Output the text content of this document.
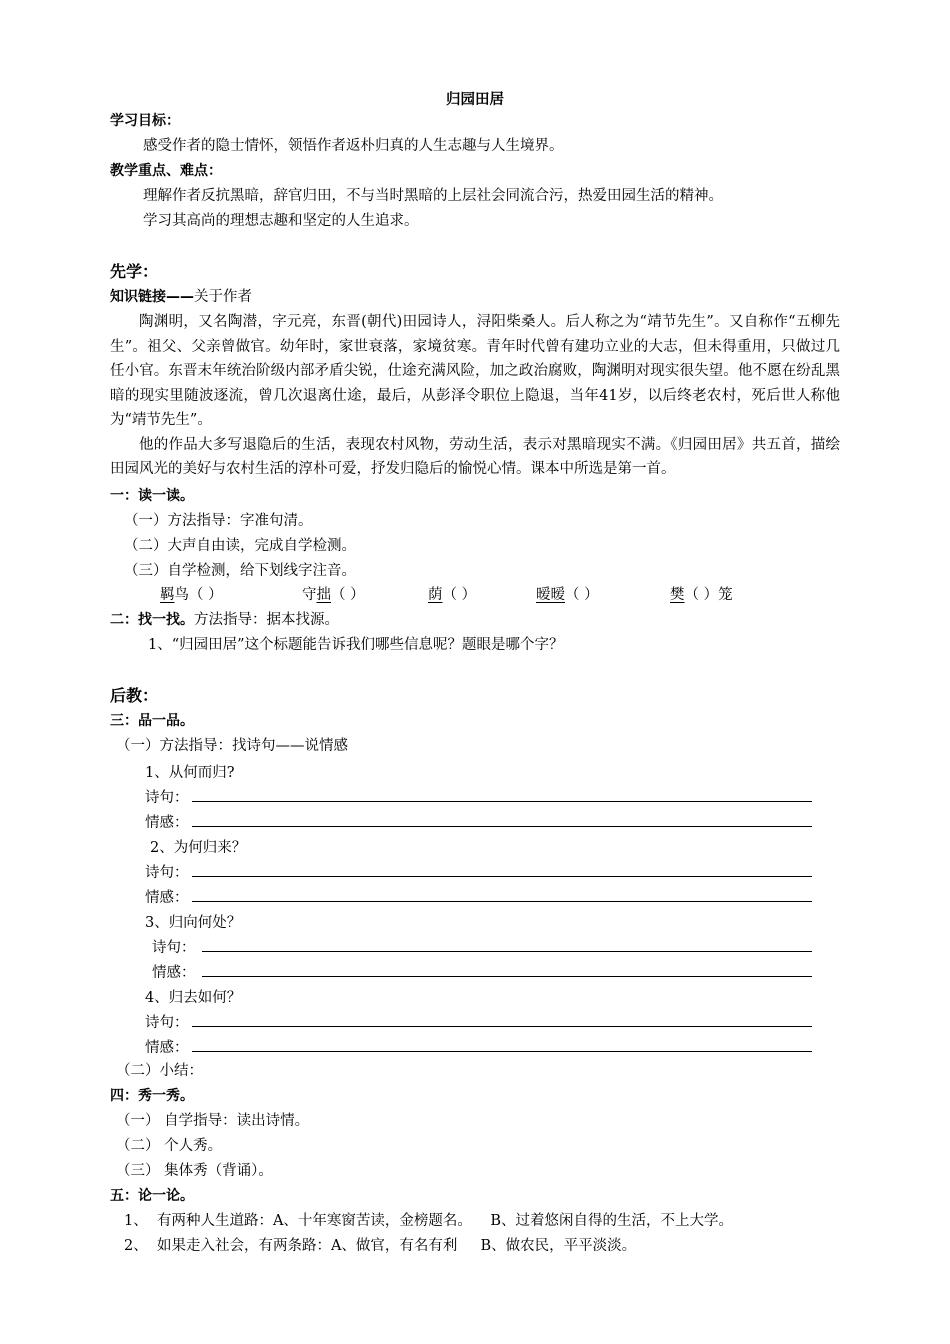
归园田居
学习目标：
感受作者的隐士情怀，领悟作者返朴归真的人生志趣与人生境界。
教学重点、难点：
理解作者反抗黑暗，辞官归田，不与当时黑暗的上层社会同流合污，热爱田园生活的精神。
学习其高尚的理想志趣和坚定的人生追求。
先学：
知识链接——关于作者

陶渊明，又名陶潜，字元亮，东晋(朝代)田园诗人，浔阳柴桑人。后人称之为“靖节先生”。又自称作“五柳先生”。祖父、父亲曾做官。幼年时，家世衰落，家境贫寒。青年时代曾有建功立业的大志，但未得重用，只做过几任小官。东晋末年统治阶级内部矛盾尖锐，仕途充满风险，加之政治腐败，陶渊明对现实很失望。他不愿在纷乱黑暗的现实里随波逐流，曾几次退离仕途，最后，从彭泽令职位上隐退，当年41岁，以后终老农村，死后世人称他为“靖节先生”。

他的作品大多写退隐后的生活，表现农村风物，劳动生活，表示对黑暗现实不满。《归园田居》共五首，描绘田园风光的美好与农村生活的淳朴可爱，抒发归隐后的愉悦心情。课本中所选是第一首。

一：读一读。
（一）方法指导：字准句清。
（二）大声自由读，完成自学检测。
（三）自学检测，给下划线字注音。
羁鸟（ ）	守拙（ ）	荫（ ）	暧暧（ ）	樊（ ）笼
二：找一找。方法指导：据本找源。
1、“归园田居”这个标题能告诉我们哪些信息呢？题眼是哪个字？
后教：
三：品一品。
（一）方法指导：找诗句——说情感
1、从何而归?
诗句：
情感：
2、为何归来？
诗句：
情感：
3、归向何处？
诗句：
情感：
4、归去如何？
诗句：
情感：
（二）小结：
四：秀一秀。
（一） 自学指导：读出诗情。
（二） 个人秀。
（三） 集体秀（背诵）。
五：论一论。
1、  有两种人生道路：A、十年寒窗苦读，金榜题名。    B、过着悠闲自得的生活，不上大学。
2、  如果走入社会，有两条路：A、做官，有名有利     B、做农民，平平淡淡。
